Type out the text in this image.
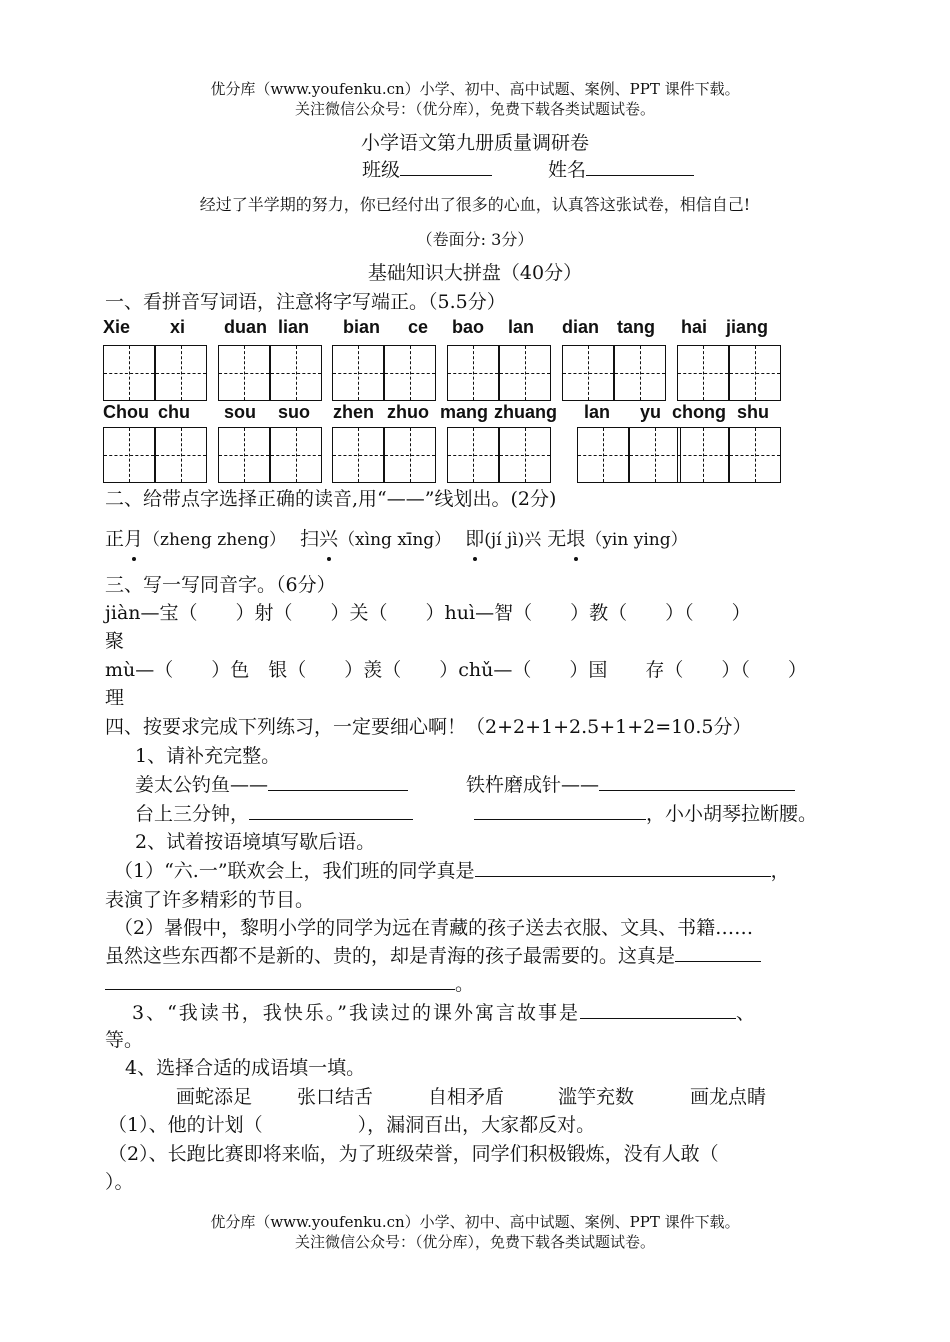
优分库（www.youfenku.cn）小学、初中、高中试题、案例、PPT 课件下载。
关注微信公众号：（优分库），免费下载各类试题试卷。
小学语文第九册质量调研卷
班级	姓名
经过了半学期的努力，你已经付出了很多的心血，认真答这张试卷，相信自己!
（卷面分: 3分）
基础知识大拼盘（40分）
一、看拼音写词语，注意将字写端正。（5.5分）
Xie xi duan lian bian ce bao lan dian tang hai jiang
Chou chu sou suo zhen zhuo mang zhuang lan yu chong shu
二、给带点字选择正确的读音,用“——”线划出。(2分)
正月（zheng zheng） 扫兴（xìng xīng） 即(jí jì)兴 无垠（yin ying）
三、写一写同音字。（6分）
jiàn—宝（　　）射（　　）关（　　）huì—智（　　）教（　　）（　　）
聚
mù—（　　）色　银（　　）羡（　　）chǔ—（　　）国　　存（　　）（　　）
理
四、按要求完成下列练习，一定要细心啊！（2+2+1+2.5+1+2=10.5分）
1、请补充完整。
姜太公钓鱼——	铁杵磨成针——
台上三分钟，	，小小胡琴拉断腰。
2、试着按语境填写歇后语。
（1）“六.一”联欢会上，我们班的同学真是	，
表演了许多精彩的节目。
（2）暑假中，黎明小学的同学为远在青藏的孩子送去衣服、文具、书籍……
虽然这些东西都不是新的、贵的，却是青海的孩子最需要的。这真是
。
3、“我读书，我快乐。”我读过的课外寓言故事是	、
等。
4、选择合适的成语填一填。
画蛇添足 张口结舌	自相矛盾	滥竽充数	画龙点睛
（1）、他的计划（　　　　　），漏洞百出，大家都反对。
（2）、长跑比赛即将来临，为了班级荣誉，同学们积极锻炼，没有人敢（
）。
优分库（www.youfenku.cn）小学、初中、高中试题、案例、PPT 课件下载。
关注微信公众号：（优分库），免费下载各类试题试卷。
